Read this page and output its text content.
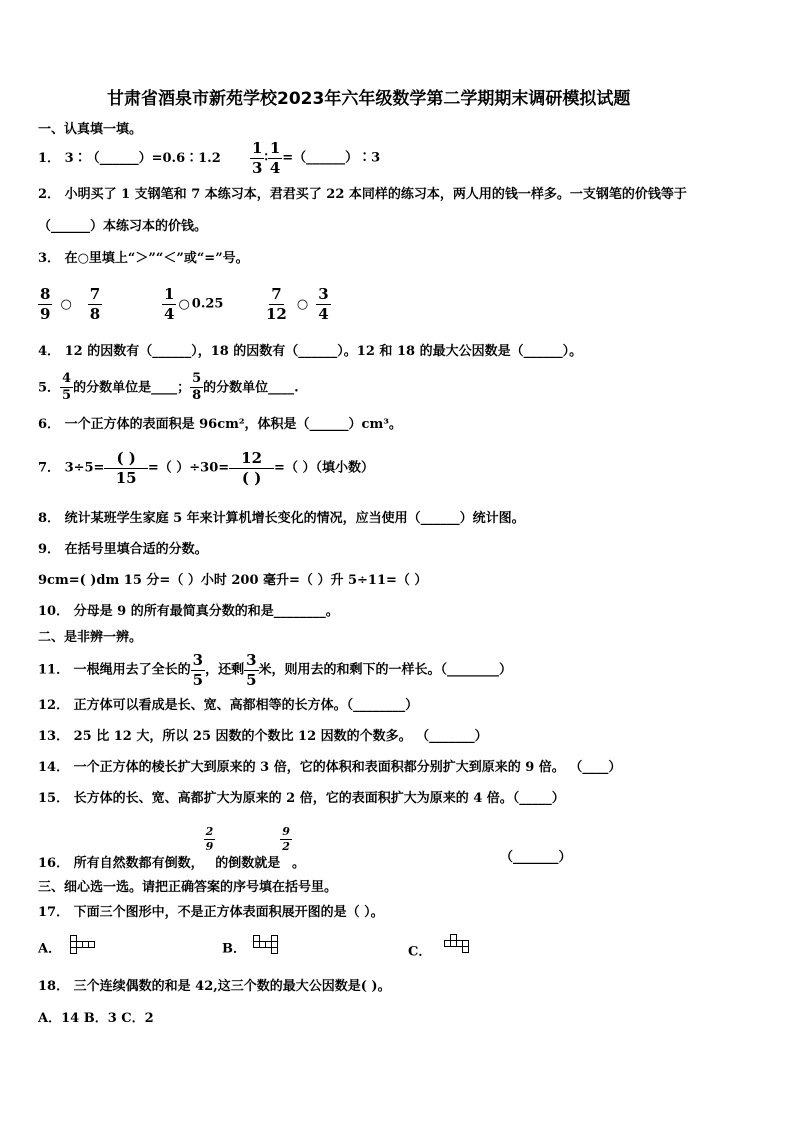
甘肃省酒泉市新苑学校2023年六年级数学第二学期期末调研模拟试题
一、认真填一填。
1． 3∶（______）=0.6∶1.2 $\frac{1}{3}$ ∶ $\frac{1}{4}$ =（______）∶3
2． 小明买了 1 支钢笔和 7 本练习本，君君买了 22 本同样的练习本，两人用的钱一样多。一支钢笔的价钱等于
（______）本练习本的价钱。
3． 在○里填上“＞”“＜”或“=”号。
$\frac{8}{9}$ ○ $\frac{7}{8}$	$\frac{1}{4}$ ○ 0.25	$\frac{7}{12}$ ○ $\frac{3}{4}$
4． 12 的因数有（______），18 的因数有（______）。12 和 18 的最大公因数是（______）。
5． $\frac{4}{5}$ 的分数单位是____； $\frac{5}{8}$ 的分数单位____.
6． 一个正方体的表面积是 96cm²，体积是（______）cm³。
7． $3\div 5= \frac{( )}{15}$ =（ ）$\div 30= \frac{12}{( )}$ =（ ）（填小数）
8． 统计某班学生家庭 5 年来计算机增长变化的情况，应当使用（______）统计图。
9． 在括号里填合适的分数。
9cm=( )dm 15 分=（ ）小时 200 毫升=（ ）升 5÷11=（ ）
10． 分母是 9 的所有最简真分数的和是________。
二、是非辨一辨。
11． 一根绳用去了全长的 $\frac{3}{5}$ ，还剩 $\frac{3}{5}$ 米，则用去的和剩下的一样长。（________）
12． 正方体可以看成是长、宽、高都相等的长方体。（________）
13． 25 比 12 大，所以 25 因数的个数比 12 因数的个数多。 （_______）
14． 一个正方体的棱长扩大到原来的 3 倍，它的体积和表面积都分别扩大到原来的 9 倍。 （____）
15． 长方体的长、宽、高都扩大为原来的 2 倍，它的表面积扩大为原来的 4 倍。（_____）
16． 所有自然数都有倒数，
$\frac{2}{9}$
的倒数就是
$\frac{9}{2}$
。	（_______）
三、细心选一选。请把正确答案的序号填在括号里。
17． 下面三个图形中，不是正方体表面积展开图的是（ ）。
A．	B．	C．
18． 三个连续偶数的和是 42,这三个数的最大公因数是( )。
A．14 B．3 C．2
